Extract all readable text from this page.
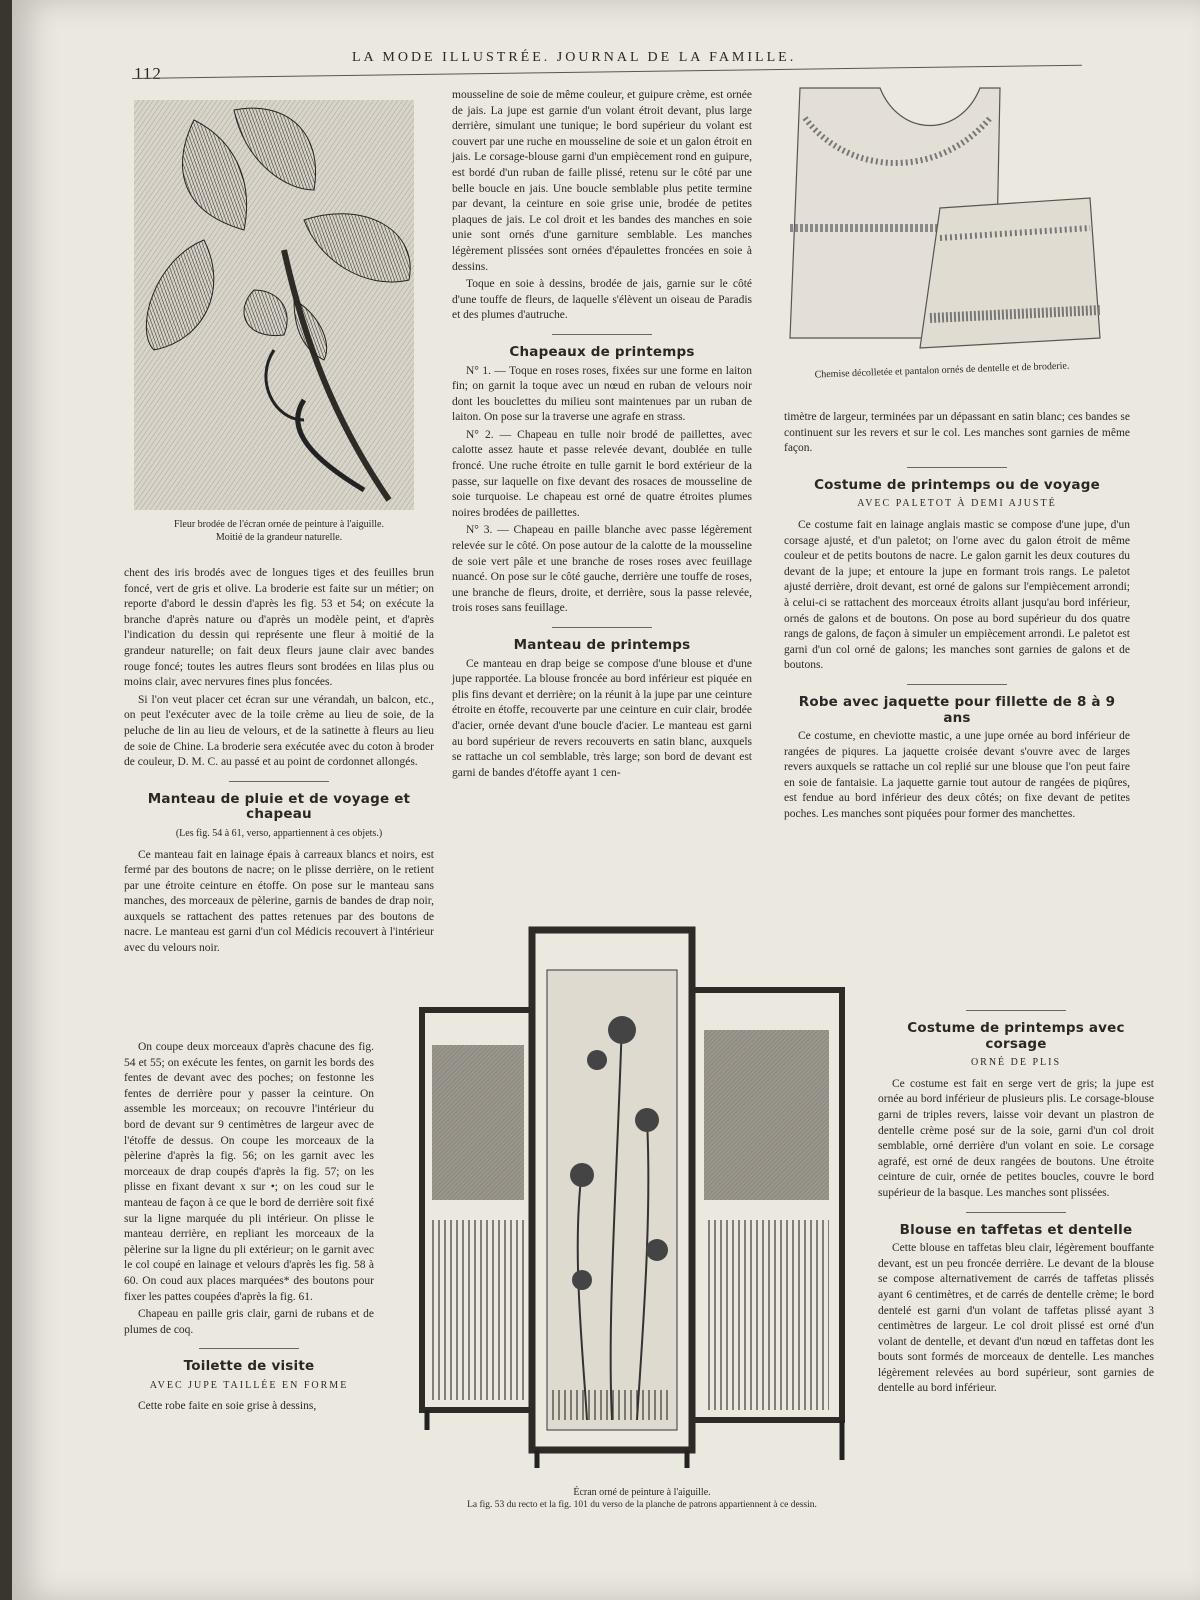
112
LA MODE ILLUSTRÉE. JOURNAL DE LA FAMILLE.
Fleur brodée de l'écran ornée de peinture à l'aiguille.
Moitié de la grandeur naturelle.
Chemise décolletée et pantalon ornés de dentelle et de broderie.

chent des iris brodés avec de longues tiges et des feuilles brun foncé, vert de gris et olive. La broderie est faite sur un métier; on reporte d'abord le dessin d'après les fig. 53 et 54; on exécute la branche d'après nature ou d'après un modèle peint, et d'après l'indication du dessin qui représente une fleur à moitié de la grandeur naturelle; on fait deux fleurs jaune clair avec bandes rouge foncé; toutes les autres fleurs sont brodées en lilas plus ou moins clair, avec nervures fines plus foncées.

Si l'on veut placer cet écran sur une vérandah, un balcon, etc., on peut l'exécuter avec de la toile crème au lieu de soie, de la peluche de lin au lieu de velours, et de la satinette à fleurs au lieu de soie de Chine. La broderie sera exécutée avec du coton à broder de couleur, D. M. C. au passé et au point de cordonnet allongés.

Manteau de pluie et de voyage et chapeau
(Les fig. 54 à 61, verso, appartiennent à ces objets.)

Ce manteau fait en lainage épais à carreaux blancs et noirs, est fermé par des boutons de nacre; on le plisse derrière, on le retient par une étroite ceinture en étoffe. On pose sur le manteau sans manches, des morceaux de pèlerine, garnis de bandes de drap noir, auxquels se rattachent des pattes retenues par des boutons de nacre. Le manteau est garni d'un col Médicis recouvert à l'intérieur avec du velours noir.

On coupe deux morceaux d'après chacune des fig. 54 et 55; on exécute les fentes, on garnit les bords des fentes de devant avec des poches; on festonne les fentes de derrière pour y passer la ceinture. On assemble les morceaux; on recouvre l'intérieur du bord de devant sur 9 centimètres de largeur avec de l'étoffe de dessus. On coupe les morceaux de la pèlerine d'après la fig. 56; on les garnit avec les morceaux de drap coupés d'après la fig. 57; on les plisse en fixant devant x sur •; on les coud sur le manteau de façon à ce que le bord de derrière soit fixé sur la ligne marquée du pli intérieur. On plisse le manteau derrière, en repliant les morceaux de la pèlerine sur la ligne du pli extérieur; on le garnit avec le col coupé en lainage et velours d'après les fig. 58 à 60. On coud aux places marquées* des boutons pour fixer les pattes coupées d'après la fig. 61.

Chapeau en paille gris clair, garni de rubans et de plumes de coq.

Toilette de visite
AVEC JUPE TAILLÉE EN FORME

Cette robe faite en soie grise à dessins,

mousseline de soie de même couleur, et guipure crème, est ornée de jais. La jupe est garnie d'un volant étroit devant, plus large derrière, simulant une tunique; le bord supérieur du volant est couvert par une ruche en mousseline de soie et un galon étroit en jais. Le corsage-blouse garni d'un empiècement rond en guipure, est bordé d'un ruban de faille plissé, retenu sur le côté par une belle boucle en jais. Une boucle semblable plus petite termine par devant, la ceinture en soie grise unie, brodée de petites plaques de jais. Le col droit et les bandes des manches en soie unie sont ornés d'une garniture semblable. Les manches légèrement plissées sont ornées d'épaulettes froncées en soie à dessins.

Toque en soie à dessins, brodée de jais, garnie sur le côté d'une touffe de fleurs, de laquelle s'élèvent un oiseau de Paradis et des plumes d'autruche.

Chapeaux de printemps

N° 1. — Toque en roses roses, fixées sur une forme en laiton fin; on garnit la toque avec un nœud en ruban de velours noir dont les bouclettes du milieu sont maintenues par un ruban de laiton. On pose sur la traverse une agrafe en strass.

N° 2. — Chapeau en tulle noir brodé de paillettes, avec calotte assez haute et passe relevée devant, doublée en tulle froncé. Une ruche étroite en tulle garnit le bord extérieur de la passe, sur laquelle on fixe devant des rosaces de mousseline de soie turquoise. Le chapeau est orné de quatre étroites plumes noires brodées de paillettes.

N° 3. — Chapeau en paille blanche avec passe légèrement relevée sur le côté. On pose autour de la calotte de la mousseline de soie vert pâle et une branche de roses roses avec feuillage nuancé. On pose sur le côté gauche, derrière une touffe de roses, une branche de fleurs, droite, et derrière, sous la passe relevée, trois roses sans feuillage.

Manteau de printemps

Ce manteau en drap beige se compose d'une blouse et d'une jupe rapportée. La blouse froncée au bord inférieur est piquée en plis fins devant et derrière; on la réunit à la jupe par une ceinture étroite en étoffe, recouverte par une ceinture en cuir clair, brodée d'acier, ornée devant d'une boucle d'acier. Le manteau est garni au bord supérieur de revers recouverts en satin blanc, auxquels se rattache un col semblable, très large; son bord de devant est garni de bandes d'étoffe ayant 1 cen-

timètre de largeur, terminées par un dépassant en satin blanc; ces bandes se continuent sur les revers et sur le col. Les manches sont garnies de même façon.

Costume de printemps ou de voyage
AVEC PALETOT À DEMI AJUSTÉ

Ce costume fait en lainage anglais mastic se compose d'une jupe, d'un corsage ajusté, et d'un paletot; on l'orne avec du galon étroit de même couleur et de petits boutons de nacre. Le galon garnit les deux coutures du devant de la jupe; et entoure la jupe en formant trois rangs. Le paletot ajusté derrière, droit devant, est orné de galons sur l'empiècement arrondi; à celui-ci se rattachent des morceaux étroits allant jusqu'au bord inférieur, ornés de galons et de boutons. On pose au bord supérieur du dos quatre rangs de galons, de façon à simuler un empiècement arrondi. Le paletot est garni d'un col orné de galons; les manches sont garnies de galons et de boutons.

Robe avec jaquette pour fillette de 8 à 9 ans

Ce costume, en cheviotte mastic, a une jupe ornée au bord inférieur de rangées de piqures. La jaquette croisée devant s'ouvre avec de larges revers auxquels se rattache un col replié sur une blouse que l'on peut faire en soie de fantaisie. La jaquette garnie tout autour de rangées de piqûres, est fendue au bord inférieur des deux côtés; on fixe devant de petites poches. Les manches sont piquées pour former des manchettes.

Costume de printemps avec corsage
ORNÉ DE PLIS

Ce costume est fait en serge vert de gris; la jupe est ornée au bord inférieur de plusieurs plis. Le corsage-blouse garni de triples revers, laisse voir devant un plastron de dentelle crème posé sur de la soie, garni d'un col droit semblable, orné derrière d'un volant en soie. Le corsage agrafé, est orné de deux rangées de boutons. Une étroite ceinture de cuir, ornée de petites boucles, couvre le bord supérieur de la basque. Les manches sont plissées.

Blouse en taffetas et dentelle

Cette blouse en taffetas bleu clair, légèrement bouffante devant, est un peu froncée derrière. Le devant de la blouse se compose alternativement de carrés de taffetas plissés ayant 6 centimètres, et de carrés de dentelle crème; le bord dentelé est garni d'un volant de taffetas plissé ayant 3 centimètres de largeur. Le col droit plissé est orné d'un volant de dentelle, et devant d'un nœud en taffetas dont les bouts sont formés de morceaux de dentelle. Les manches légèrement relevées au bord supérieur, sont garnies de dentelle au bord inférieur.

Écran orné de peinture à l'aiguille.
La fig. 53 du recto et la fig. 101 du verso de la planche de patrons appartiennent à ce dessin.
